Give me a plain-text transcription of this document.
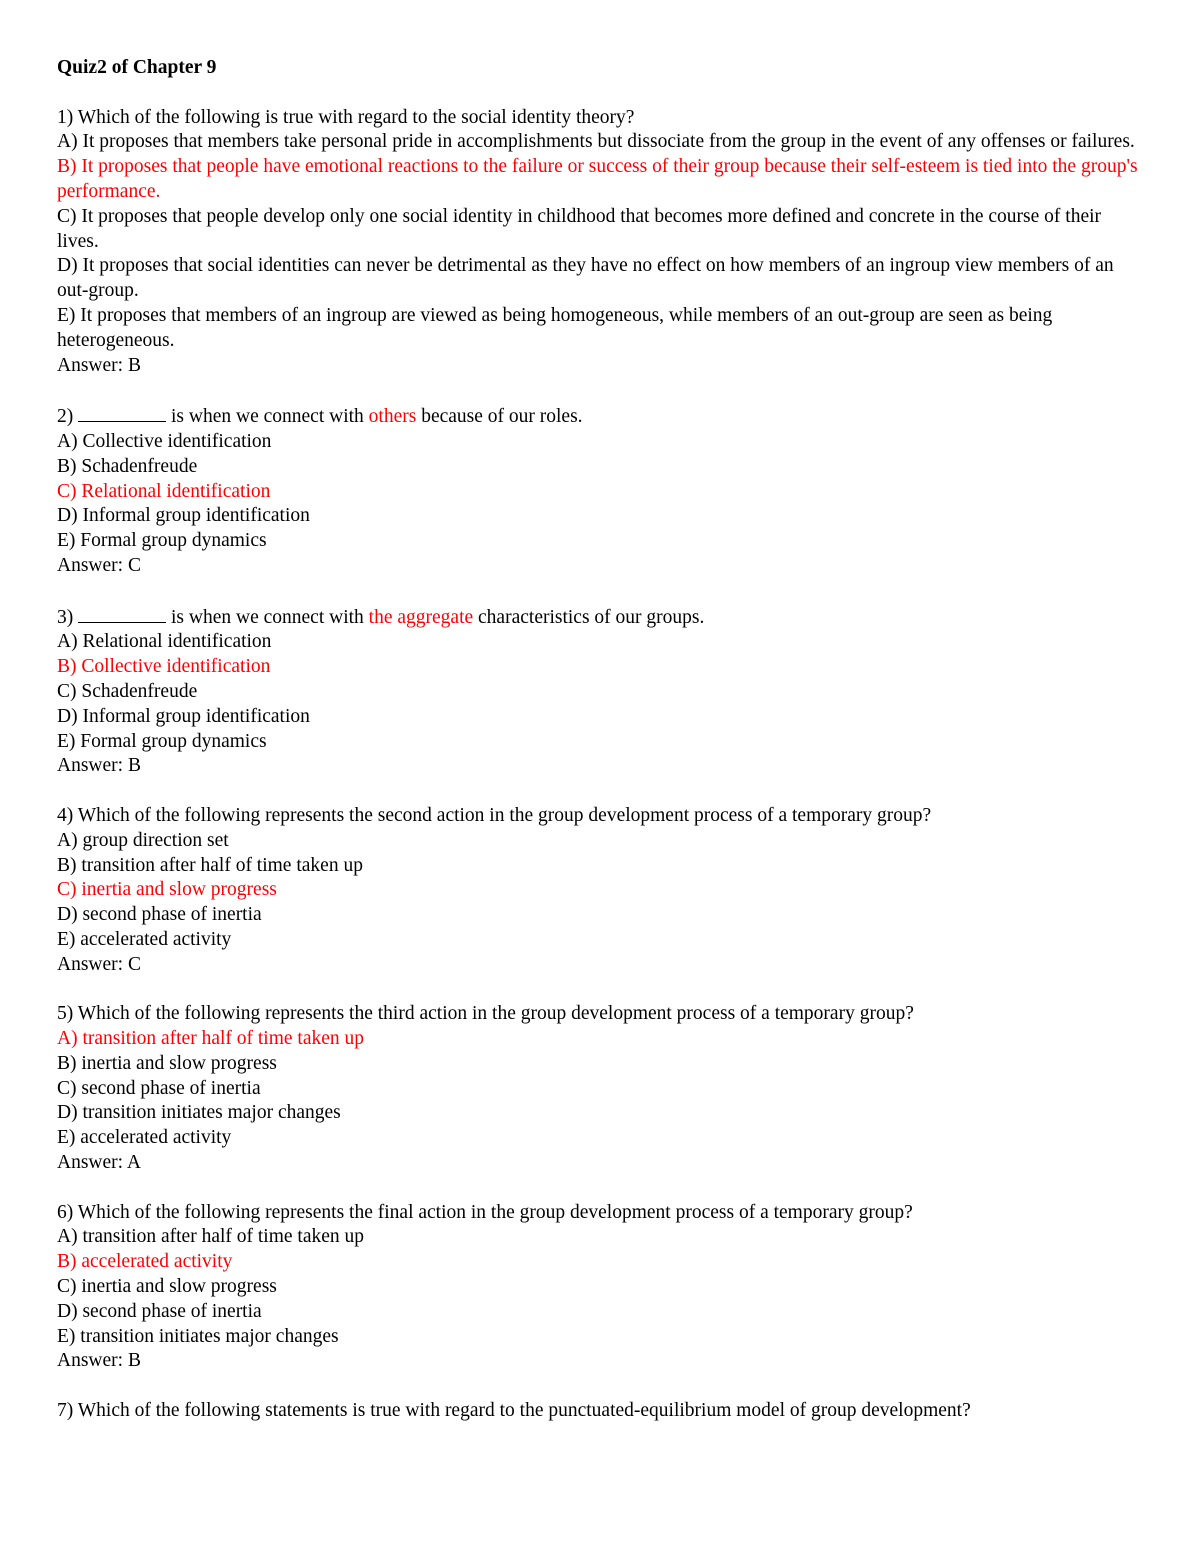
Quiz2 of Chapter 9
1) Which of the following is true with regard to the social identity theory?
A) It proposes that members take personal pride in accomplishments but dissociate from the group in the event of any offenses or failures.
B) It proposes that people have emotional reactions to the failure or success of their group because their self-esteem is tied into the group's performance.
C) It proposes that people develop only one social identity in childhood that becomes more defined and concrete in the course of their lives.
D) It proposes that social identities can never be detrimental as they have no effect on how members of an ingroup view members of an out-group.
E) It proposes that members of an ingroup are viewed as being homogeneous, while members of an out-group are seen as being heterogeneous.
Answer: B
2)	is when we connect with others because of our roles.
A) Collective identification
B) Schadenfreude
C) Relational identification
D) Informal group identification
E) Formal group dynamics
Answer: C
3)	is when we connect with the aggregate characteristics of our groups.
A) Relational identification
B) Collective identification
C) Schadenfreude
D) Informal group identification
E) Formal group dynamics
Answer: B
4) Which of the following represents the second action in the group development process of a temporary group?
A) group direction set
B) transition after half of time taken up
C) inertia and slow progress
D) second phase of inertia
E) accelerated activity
Answer: C
5) Which of the following represents the third action in the group development process of a temporary group?
A) transition after half of time taken up
B) inertia and slow progress
C) second phase of inertia
D) transition initiates major changes
E) accelerated activity
Answer: A
6) Which of the following represents the final action in the group development process of a temporary group?
A) transition after half of time taken up
B) accelerated activity
C) inertia and slow progress
D) second phase of inertia
E) transition initiates major changes
Answer: B
7) Which of the following statements is true with regard to the punctuated-equilibrium model of group development?
